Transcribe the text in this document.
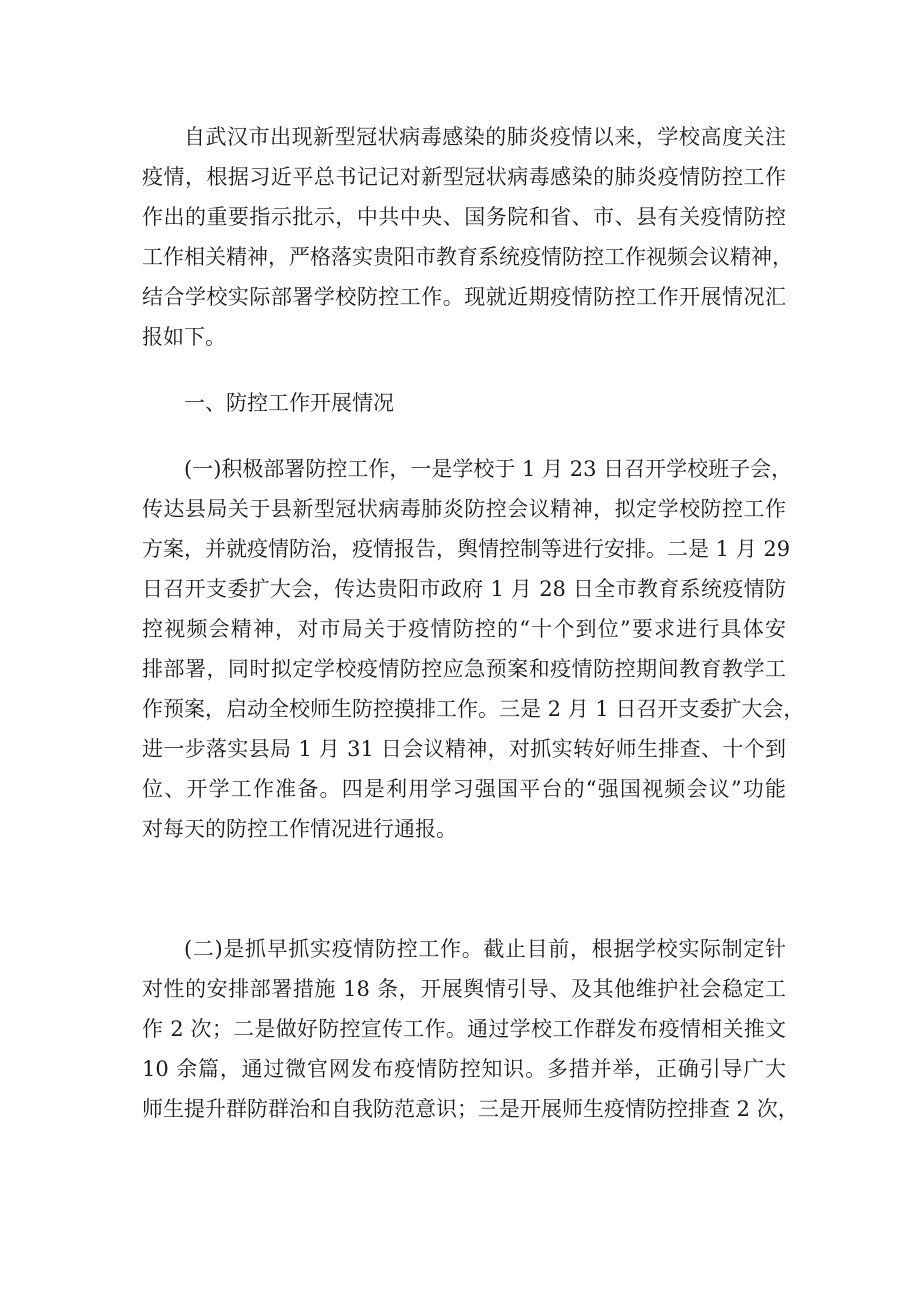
自武汉市出现新型冠状病毒感染的肺炎疫情以来，学校高度关注
疫情，根据习近平总书记记对新型冠状病毒感染的肺炎疫情防控工作
作出的重要指示批示，中共中央、国务院和省、市、县有关疫情防控
工作相关精神，严格落实贵阳市教育系统疫情防控工作视频会议精神，
结合学校实际部署学校防控工作。现就近期疫情防控工作开展情况汇
报如下。
一、防控工作开展情况
(一)积极部署防控工作，一是学校于 1 月 23 日召开学校班子会，
传达县局关于县新型冠状病毒肺炎防控会议精神，拟定学校防控工作
方案，并就疫情防治，疫情报告，舆情控制等进行安排。二是 1 月 29
日召开支委扩大会，传达贵阳市政府 1 月 28 日全市教育系统疫情防
控视频会精神，对市局关于疫情防控的“十个到位”要求进行具体安
排部署，同时拟定学校疫情防控应急预案和疫情防控期间教育教学工
作预案，启动全校师生防控摸排工作。三是 2 月 1 日召开支委扩大会，
进一步落实县局 1 月 31 日会议精神，对抓实转好师生排查、十个到
位、开学工作准备。四是利用学习强国平台的“强国视频会议”功能
对每天的防控工作情况进行通报。
(二)是抓早抓实疫情防控工作。截止目前，根据学校实际制定针
对性的安排部署措施 18 条，开展舆情引导、及其他维护社会稳定工
作 2 次；二是做好防控宣传工作。通过学校工作群发布疫情相关推文
10 余篇，通过微官网发布疫情防控知识。多措并举，正确引导广大
师生提升群防群治和自我防范意识；三是开展师生疫情防控排查 2 次，
